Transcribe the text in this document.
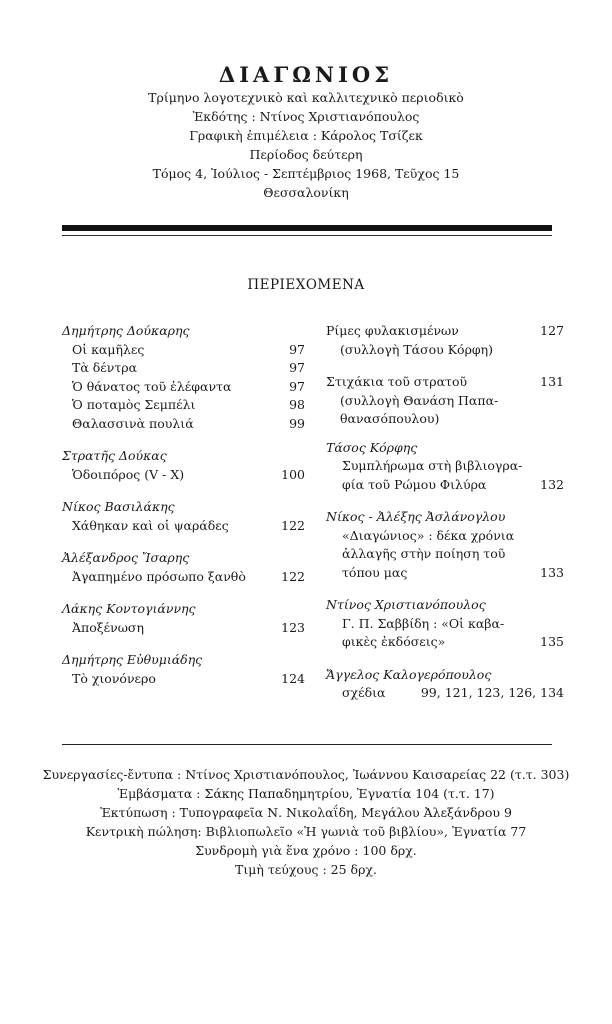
ΔΙΑΓΩΝΙΟΣ
Τρίμηνο λογοτεχνικὸ καὶ καλλιτεχνικὸ περιοδικὸ
Ἐκδότης : Ντίνος Χριστιανόπουλος
Γραφικὴ ἐπιμέλεια : Κάρολος Τσίζεκ
Περίοδος δεύτερη
Τόμος 4, Ἰούλιος - Σεπτέμβριος 1968, Τεῦχος 15
Θεσσαλονίκη
ΠΕΡΙΕΧΟΜΕΝΑ
Δημήτρης Δούκαρης
Οἱ καμῆλες	97
Τὰ δέντρα	97
Ὁ θάνατος τοῦ ἐλέφαντα	97
Ὁ ποταμὸς Σεμπέλι	98
Θαλασσινὰ πουλιά	99
Στρατῆς Δούκας
Ὁδοιπόρος (V - X)	100
Νίκος Βασιλάκης
Χάθηκαν καὶ οἱ ψαράδες	122
Ἀλέξανδρος Ἴσαρης
Ἀγαπημένο πρόσωπο ξανθὸ	122
Λάκης Κοντογιάννης
Ἀποξένωση	123
Δημήτρης Εὐθυμιάδης
Τὸ χιονόνερο	124
Ρίμες φυλακισμένων	127
(συλλογὴ Τάσου Κόρφη)
Στιχάκια τοῦ στρατοῦ	131
(συλλογὴ Θανάση Παπα-
θανασόπουλου)
Τάσος Κόρφης
Συμπλήρωμα στὴ βιβλιογρα-
φία τοῦ Ρώμου Φιλύρα	132
Νίκος - Ἀλέξης Ἀσλάνογλου
«Διαγώνιος» : δέκα χρόνια
ἀλλαγῆς στὴν ποίηση τοῦ
τόπου μας	133
Ντίνος Χριστιανόπουλος
Γ. Π. Σαββίδη : «Οἱ καβα-
φικὲς ἐκδόσεις»	135
Ἄγγελος Καλογερόπουλος
σχέδια	99, 121, 123, 126, 134
Συνεργασίες-ἔντυπα : Ντίνος Χριστιανόπουλος, Ἰωάννου Καισαρείας 22 (τ.τ. 303)
Ἐμβάσματα : Σάκης Παπαδημητρίου, Ἐγνατία 104 (τ.τ. 17)
Ἐκτύπωση : Τυπογραφεῖα Ν. Νικολαΐδη, Μεγάλου Ἀλεξάνδρου 9
Κεντρικὴ πώληση: Βιβλιοπωλεῖο «Ἡ γωνιὰ τοῦ βιβλίου», Ἐγνατία 77
Συνδρομὴ γιὰ ἕνα χρόνο : 100 δρχ.
Τιμὴ τεύχους : 25 δρχ.
